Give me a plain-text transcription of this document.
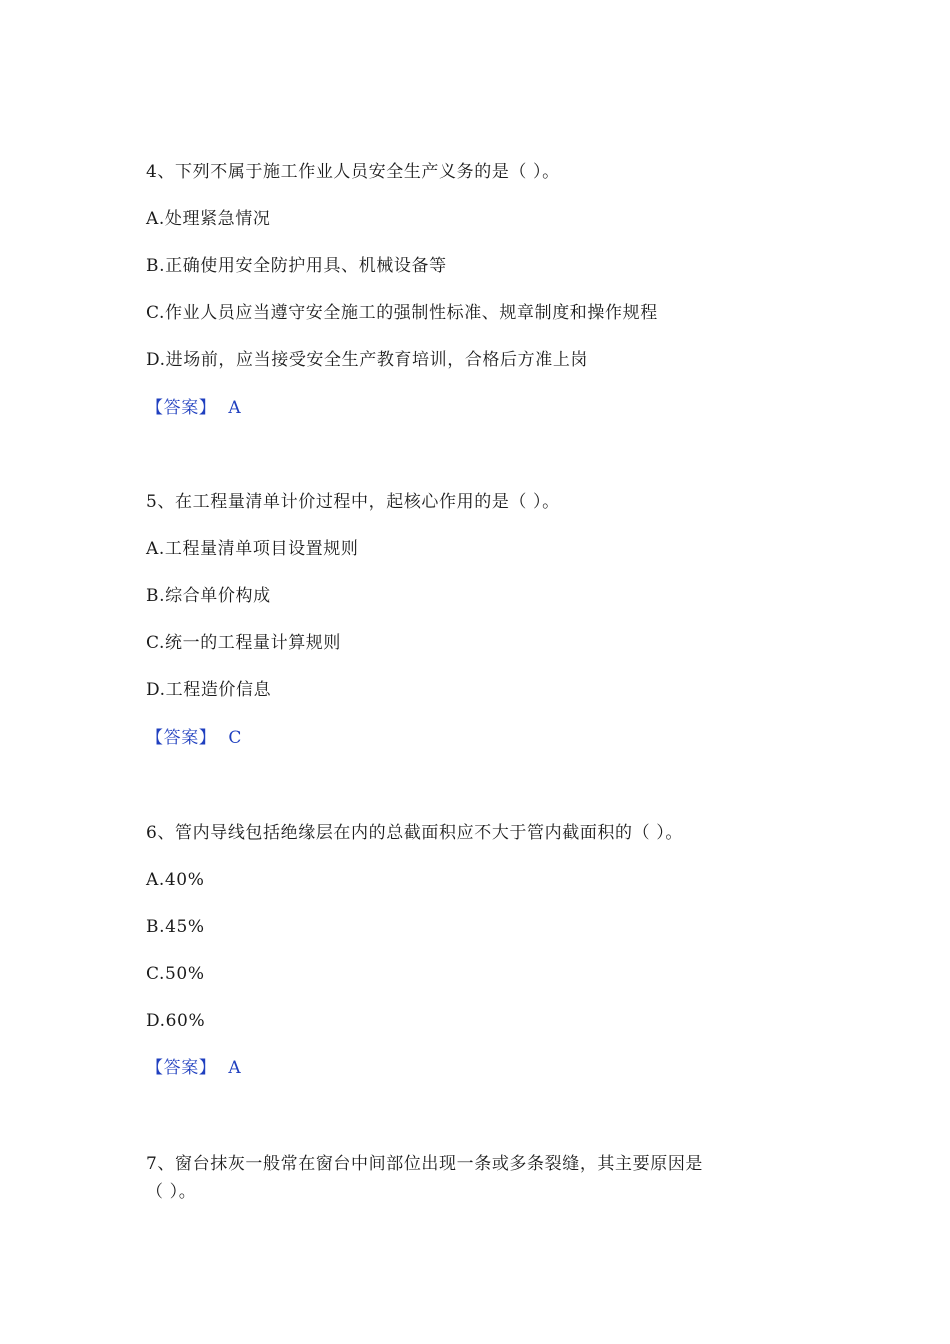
4、下列不属于施工作业人员安全生产义务的是（ ）。
A.处理紧急情况
B.正确使用安全防护用具、机械设备等
C.作业人员应当遵守安全施工的强制性标准、规章制度和操作规程
D.进场前，应当接受安全生产教育培训，合格后方准上岗
【答案】 A
5、在工程量清单计价过程中，起核心作用的是（ ）。
A.工程量清单项目设置规则
B.综合单价构成
C.统一的工程量计算规则
D.工程造价信息
【答案】 C
6、管内导线包括绝缘层在内的总截面积应不大于管内截面积的（ ）。
A.40%
B.45%
C.50%
D.60%
【答案】 A
7、窗台抹灰一般常在窗台中间部位出现一条或多条裂缝，其主要原因是
（ ）。
